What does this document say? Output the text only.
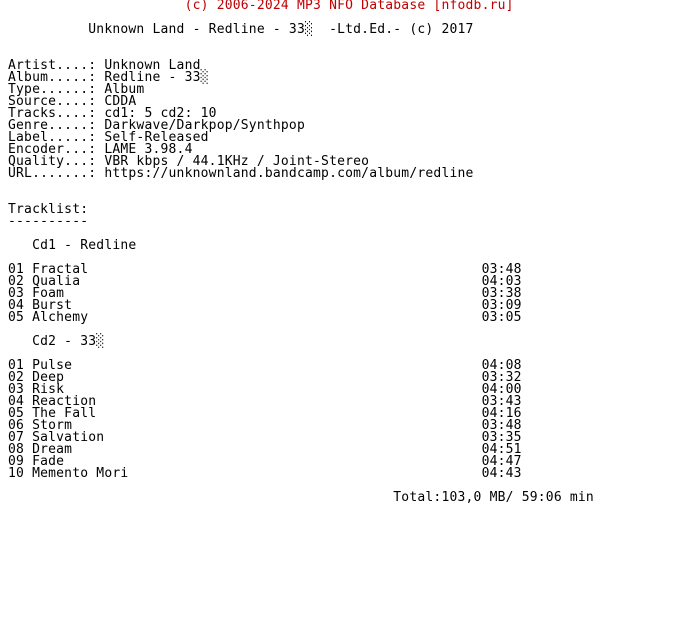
(c) 2006-2024 MP3 NFO Database [nfodb.ru]
Unknown Land - Redline - 33░  -Ltd.Ed.- (c) 2017
Artist....: Unknown Land
Album.....: Redline - 33░
Type......: Album
Source....: CDDA
Tracks....: cd1: 5 cd2: 10
Genre.....: Darkwave/Darkpop/Synthpop
Label.....: Self-Released
Encoder...: LAME 3.98.4
Quality...: VBR kbps / 44.1KHz / Joint-Stereo
URL.......: https://unknownland.bandcamp.com/album/redline
Tracklist:
----------
Cd1 - Redline
01 Fractal                                                 03:48
02 Qualia                                                  04:03
03 Foam                                                    03:38
04 Burst                                                   03:09
05 Alchemy                                                 03:05
Cd2 - 33░
01 Pulse                                                   04:08
02 Deep                                                    03:32
03 Risk                                                    04:00
04 Reaction                                                03:43
05 The Fall                                                04:16
06 Storm                                                   03:48
07 Salvation                                               03:35
08 Dream                                                   04:51
09 Fade                                                    04:47
10 Memento Mori                                            04:43
Total:103,0 MB/ 59:06 min
